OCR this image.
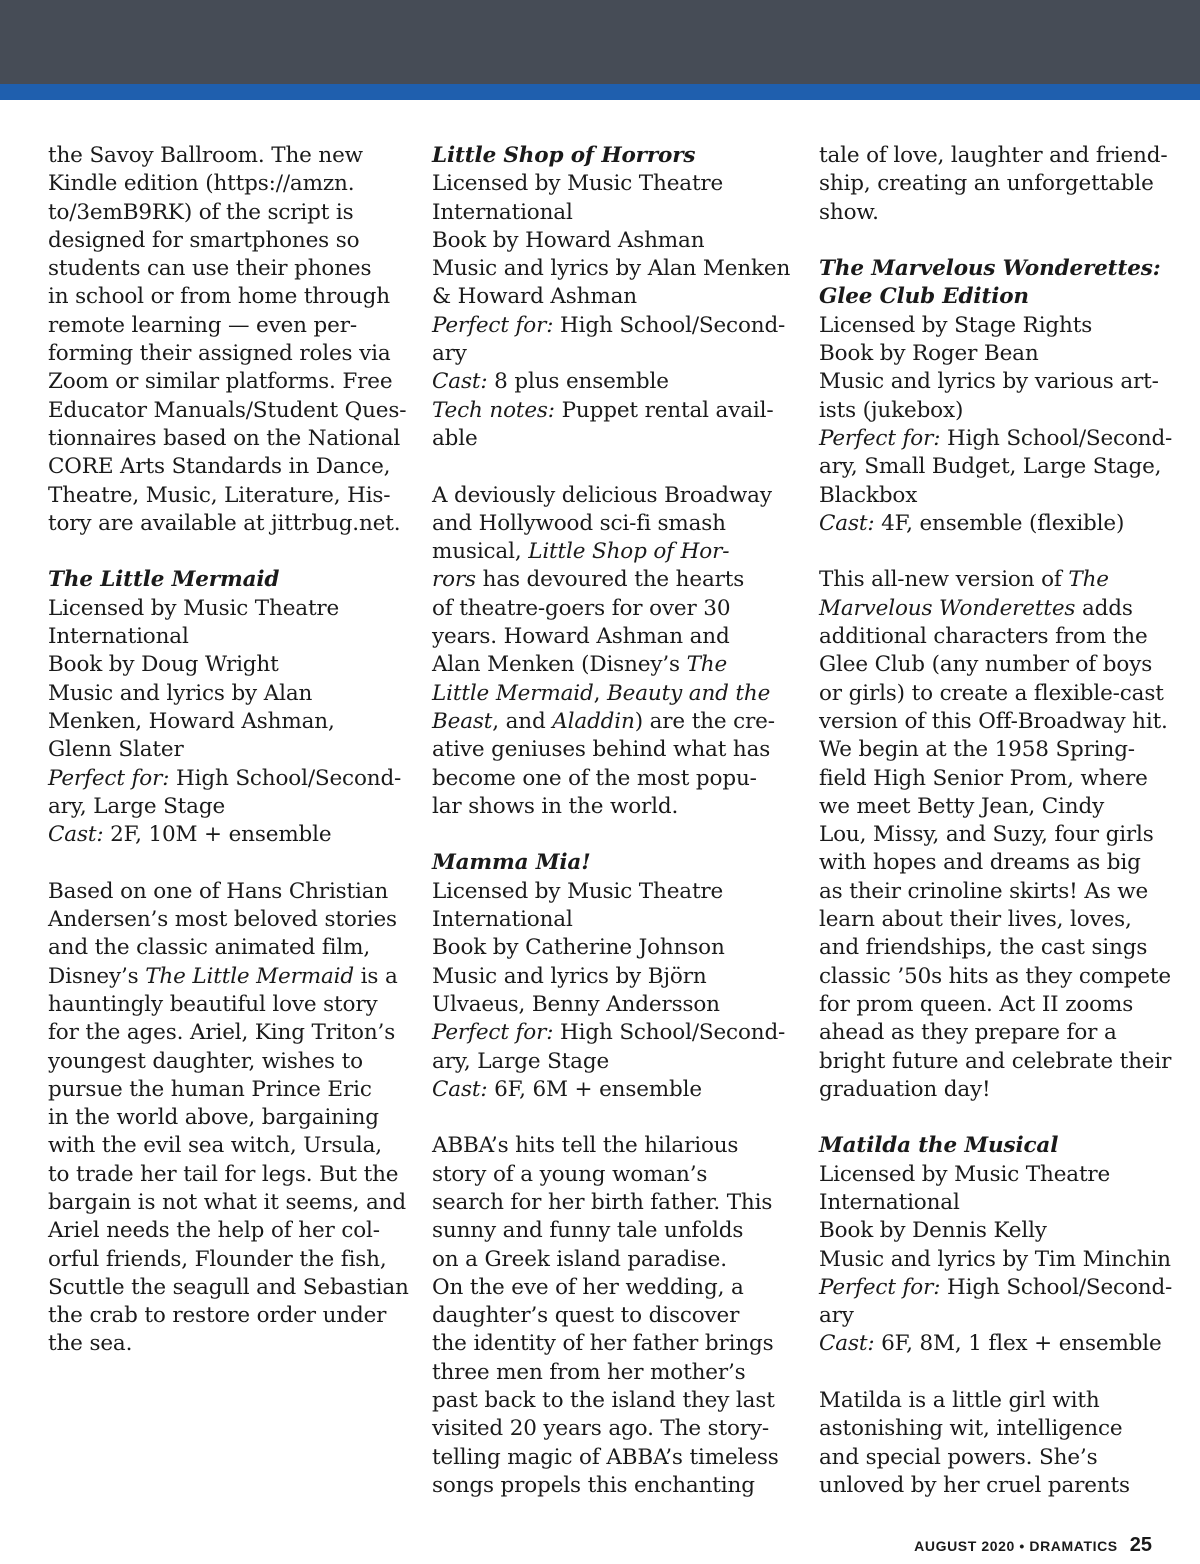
the Savoy Ballroom. The new
Kindle edition (https://amzn.
to/3emB9RK) of the script is
designed for smartphones so
students can use their phones
in school or from home through
remote learning — even per-
forming their assigned roles via
Zoom or similar platforms. Free
Educator Manuals/Student Ques-
tionnaires based on the National
CORE Arts Standards in Dance,
Theatre, Music, Literature, His-
tory are available at jittrbug.net.
The Little Mermaid
Licensed by Music Theatre
International
Book by Doug Wright
Music and lyrics by Alan
Menken, Howard Ashman,
Glenn Slater
Perfect for: High School/Second-
ary, Large Stage
Cast: 2F, 10M + ensemble
Based on one of Hans Christian
Andersen’s most beloved stories
and the classic animated film,
Disney’s The Little Mermaid is a
hauntingly beautiful love story
for the ages. Ariel, King Triton’s
youngest daughter, wishes to
pursue the human Prince Eric
in the world above, bargaining
with the evil sea witch, Ursula,
to trade her tail for legs. But the
bargain is not what it seems, and
Ariel needs the help of her col-
orful friends, Flounder the fish,
Scuttle the seagull and Sebastian
the crab to restore order under
the sea.
Little Shop of Horrors
Licensed by Music Theatre
International
Book by Howard Ashman
Music and lyrics by Alan Menken
& Howard Ashman
Perfect for: High School/Second-
ary
Cast: 8 plus ensemble
Tech notes: Puppet rental avail-
able
A deviously delicious Broadway
and Hollywood sci-fi smash
musical, Little Shop of Hor-
rors has devoured the hearts
of theatre-goers for over 30
years. Howard Ashman and
Alan Menken (Disney’s The
Little Mermaid, Beauty and the
Beast, and Aladdin) are the cre-
ative geniuses behind what has
become one of the most popu-
lar shows in the world.
Mamma Mia!
Licensed by Music Theatre
International
Book by Catherine Johnson
Music and lyrics by Björn
Ulvaeus, Benny Andersson
Perfect for: High School/Second-
ary, Large Stage
Cast: 6F, 6M + ensemble
ABBA’s hits tell the hilarious
story of a young woman’s
search for her birth father. This
sunny and funny tale unfolds
on a Greek island paradise.
On the eve of her wedding, a
daughter’s quest to discover
the identity of her father brings
three men from her mother’s
past back to the island they last
visited 20 years ago. The story-
telling magic of ABBA’s timeless
songs propels this enchanting
tale of love, laughter and friend-
ship, creating an unforgettable
show.
The Marvelous Wonderettes:
Glee Club Edition
Licensed by Stage Rights
Book by Roger Bean
Music and lyrics by various art-
ists (jukebox)
Perfect for: High School/Second-
ary, Small Budget, Large Stage,
Blackbox
Cast: 4F, ensemble (flexible)
This all-new version of The
Marvelous Wonderettes adds
additional characters from the
Glee Club (any number of boys
or girls) to create a flexible-cast
version of this Off-Broadway hit.
We begin at the 1958 Spring-
field High Senior Prom, where
we meet Betty Jean, Cindy
Lou, Missy, and Suzy, four girls
with hopes and dreams as big
as their crinoline skirts! As we
learn about their lives, loves,
and friendships, the cast sings
classic ’50s hits as they compete
for prom queen. Act II zooms
ahead as they prepare for a
bright future and celebrate their
graduation day!
Matilda the Musical
Licensed by Music Theatre
International
Book by Dennis Kelly
Music and lyrics by Tim Minchin
Perfect for: High School/Second-
ary
Cast: 6F, 8M, 1 flex + ensemble
Matilda is a little girl with
astonishing wit, intelligence
and special powers. She’s
unloved by her cruel parents
AUGUST 2020 • DRAMATICS 25
